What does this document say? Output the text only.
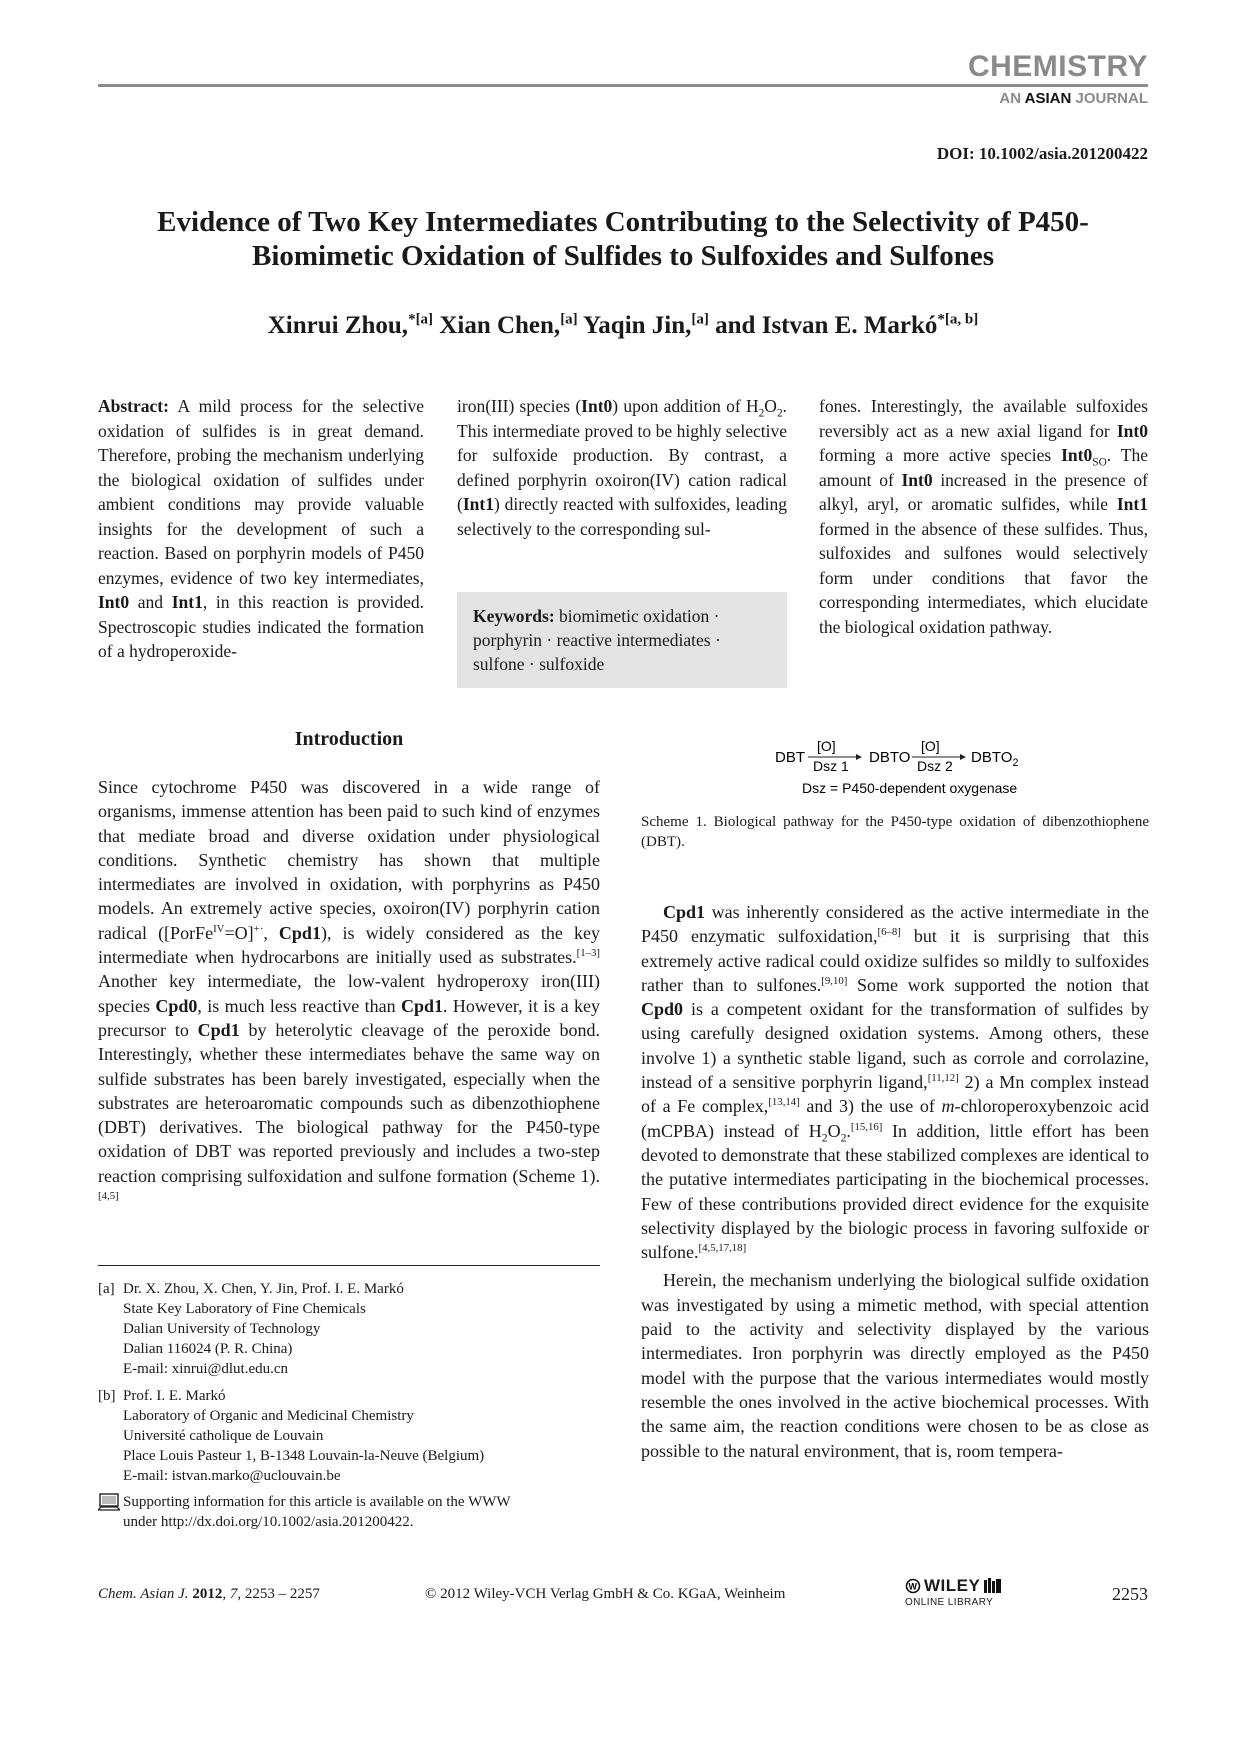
CHEMISTRY
AN ASIAN JOURNAL
DOI: 10.1002/asia.201200422
Evidence of Two Key Intermediates Contributing to the Selectivity of P450-
Biomimetic Oxidation of Sulfides to Sulfoxides and Sulfones
Xinrui Zhou,$^{*[a]}$ Xian Chen,[a] Yaqin Jin,[a] and Istvan E. Markó$^{*[a, b]}$

Abstract: A mild process for the selective oxidation of sulfides is in great demand. Therefore, probing the mechanism underlying the biological oxidation of sulfides under ambient conditions may provide valuable insights for the development of such a reaction. Based on porphyrin models of P450 enzymes, evidence of two key intermediates, Int0 and Int1, in this reaction is provided. Spectroscopic studies indicated the formation of a hydroperoxide-

iron(III) species (Int0) upon addition of $H_2O_2$. This intermediate proved to be highly selective for sulfoxide production. By contrast, a defined porphyrin oxoiron(IV) cation radical (Int1) directly reacted with sulfoxides, leading selectively to the corresponding sul-

Keywords: biomimetic oxidation · porphyrin · reactive intermediates · sulfone · sulfoxide

fones. Interestingly, the available sulfoxides reversibly act as a new axial ligand for Int0 forming a more active species $Int0_{SO}$. The amount of Int0 increased in the presence of alkyl, aryl, or aromatic sulfides, while Int1 formed in the absence of these sulfides. Thus, sulfoxides and sulfones would selectively form under conditions that favor the corresponding intermediates, which elucidate the biological oxidation pathway.

Introduction

Since cytochrome P450 was discovered in a wide range of organisms, immense attention has been paid to such kind of enzymes that mediate broad and diverse oxidation under physiological conditions. Synthetic chemistry has shown that multiple intermediates are involved in oxidation, with porphyrins as P450 models. An extremely active species, oxoiron(IV) porphyrin cation radical ([PorFe$^{IV}$=O]+·, Cpd1), is widely considered as the key intermediate when hydrocarbons are initially used as substrates.[1–3] Another key intermediate, the low-valent hydroperoxy iron(III) species Cpd0, is much less reactive than Cpd1. However, it is a key precursor to Cpd1 by heterolytic cleavage of the peroxide bond. Interestingly, whether these intermediates behave the same way on sulfide substrates has been barely investigated, especially when the substrates are heteroaromatic compounds such as dibenzothiophene (DBT) derivatives. The biological pathway for the P450-type oxidation of DBT was reported previously and includes a two-step reaction comprising sulfoxidation and sulfone formation (Scheme 1).[4,5]

[a] Dr. X. Zhou, X. Chen, Y. Jin, Prof. I. E. Markó
State Key Laboratory of Fine Chemicals
Dalian University of Technology
Dalian 116024 (P. R. China)
E-mail: xinrui@dlut.edu.cn
[b] Prof. I. E. Markó
Laboratory of Organic and Medicinal Chemistry
Université catholique de Louvain
Place Louis Pasteur 1, B-1348 Louvain-la-Neuve (Belgium)
E-mail: istvan.marko@uclouvain.be
Supporting information for this article is available on the WWW
under http://dx.doi.org/10.1002/asia.201200422.
DBT
[O]
Dsz 1 DBTO
[O]
Dsz 2 $DBTO_2$
Dsz = P450-dependent oxygenase
Scheme 1. Biological pathway for the P450-type oxidation of dibenzothiophene (DBT).

Cpd1 was inherently considered as the active intermediate in the P450 enzymatic sulfoxidation,[6–8] but it is surprising that this extremely active radical could oxidize sulfides so mildly to sulfoxides rather than to sulfones.[9,10] Some work supported the notion that Cpd0 is a competent oxidant for the transformation of sulfides by using carefully designed oxidation systems. Among others, these involve 1) a synthetic stable ligand, such as corrole and corrolazine, instead of a sensitive porphyrin ligand,[11,12] 2) a Mn complex instead of a Fe complex,[13,14] and 3) the use of m-chloroperoxybenzoic acid (mCPBA) instead of $H_2O_2.[15,16]$ In addition, little effort has been devoted to demonstrate that these stabilized complexes are identical to the putative intermediates participating in the biochemical processes. Few of these contributions provided direct evidence for the exquisite selectivity displayed by the biologic process in favoring sulfoxide or sulfone.[4,5,17,18]

Herein, the mechanism underlying the biological sulfide oxidation was investigated by using a mimetic method, with special attention paid to the activity and selectivity displayed by the various intermediates. Iron porphyrin was directly employed as the P450 model with the purpose that the various intermediates would mostly resemble the ones involved in the active biochemical processes. With the same aim, the reaction conditions were chosen to be as close as possible to the natural environment, that is, room tempera-

Chem. Asian J. 2012, 7, 2253 – 2257	© 2012 Wiley-VCH Verlag GmbH & Co. KGaA, Weinheim	W WILEY
ONLINE LIBRARY	2253
